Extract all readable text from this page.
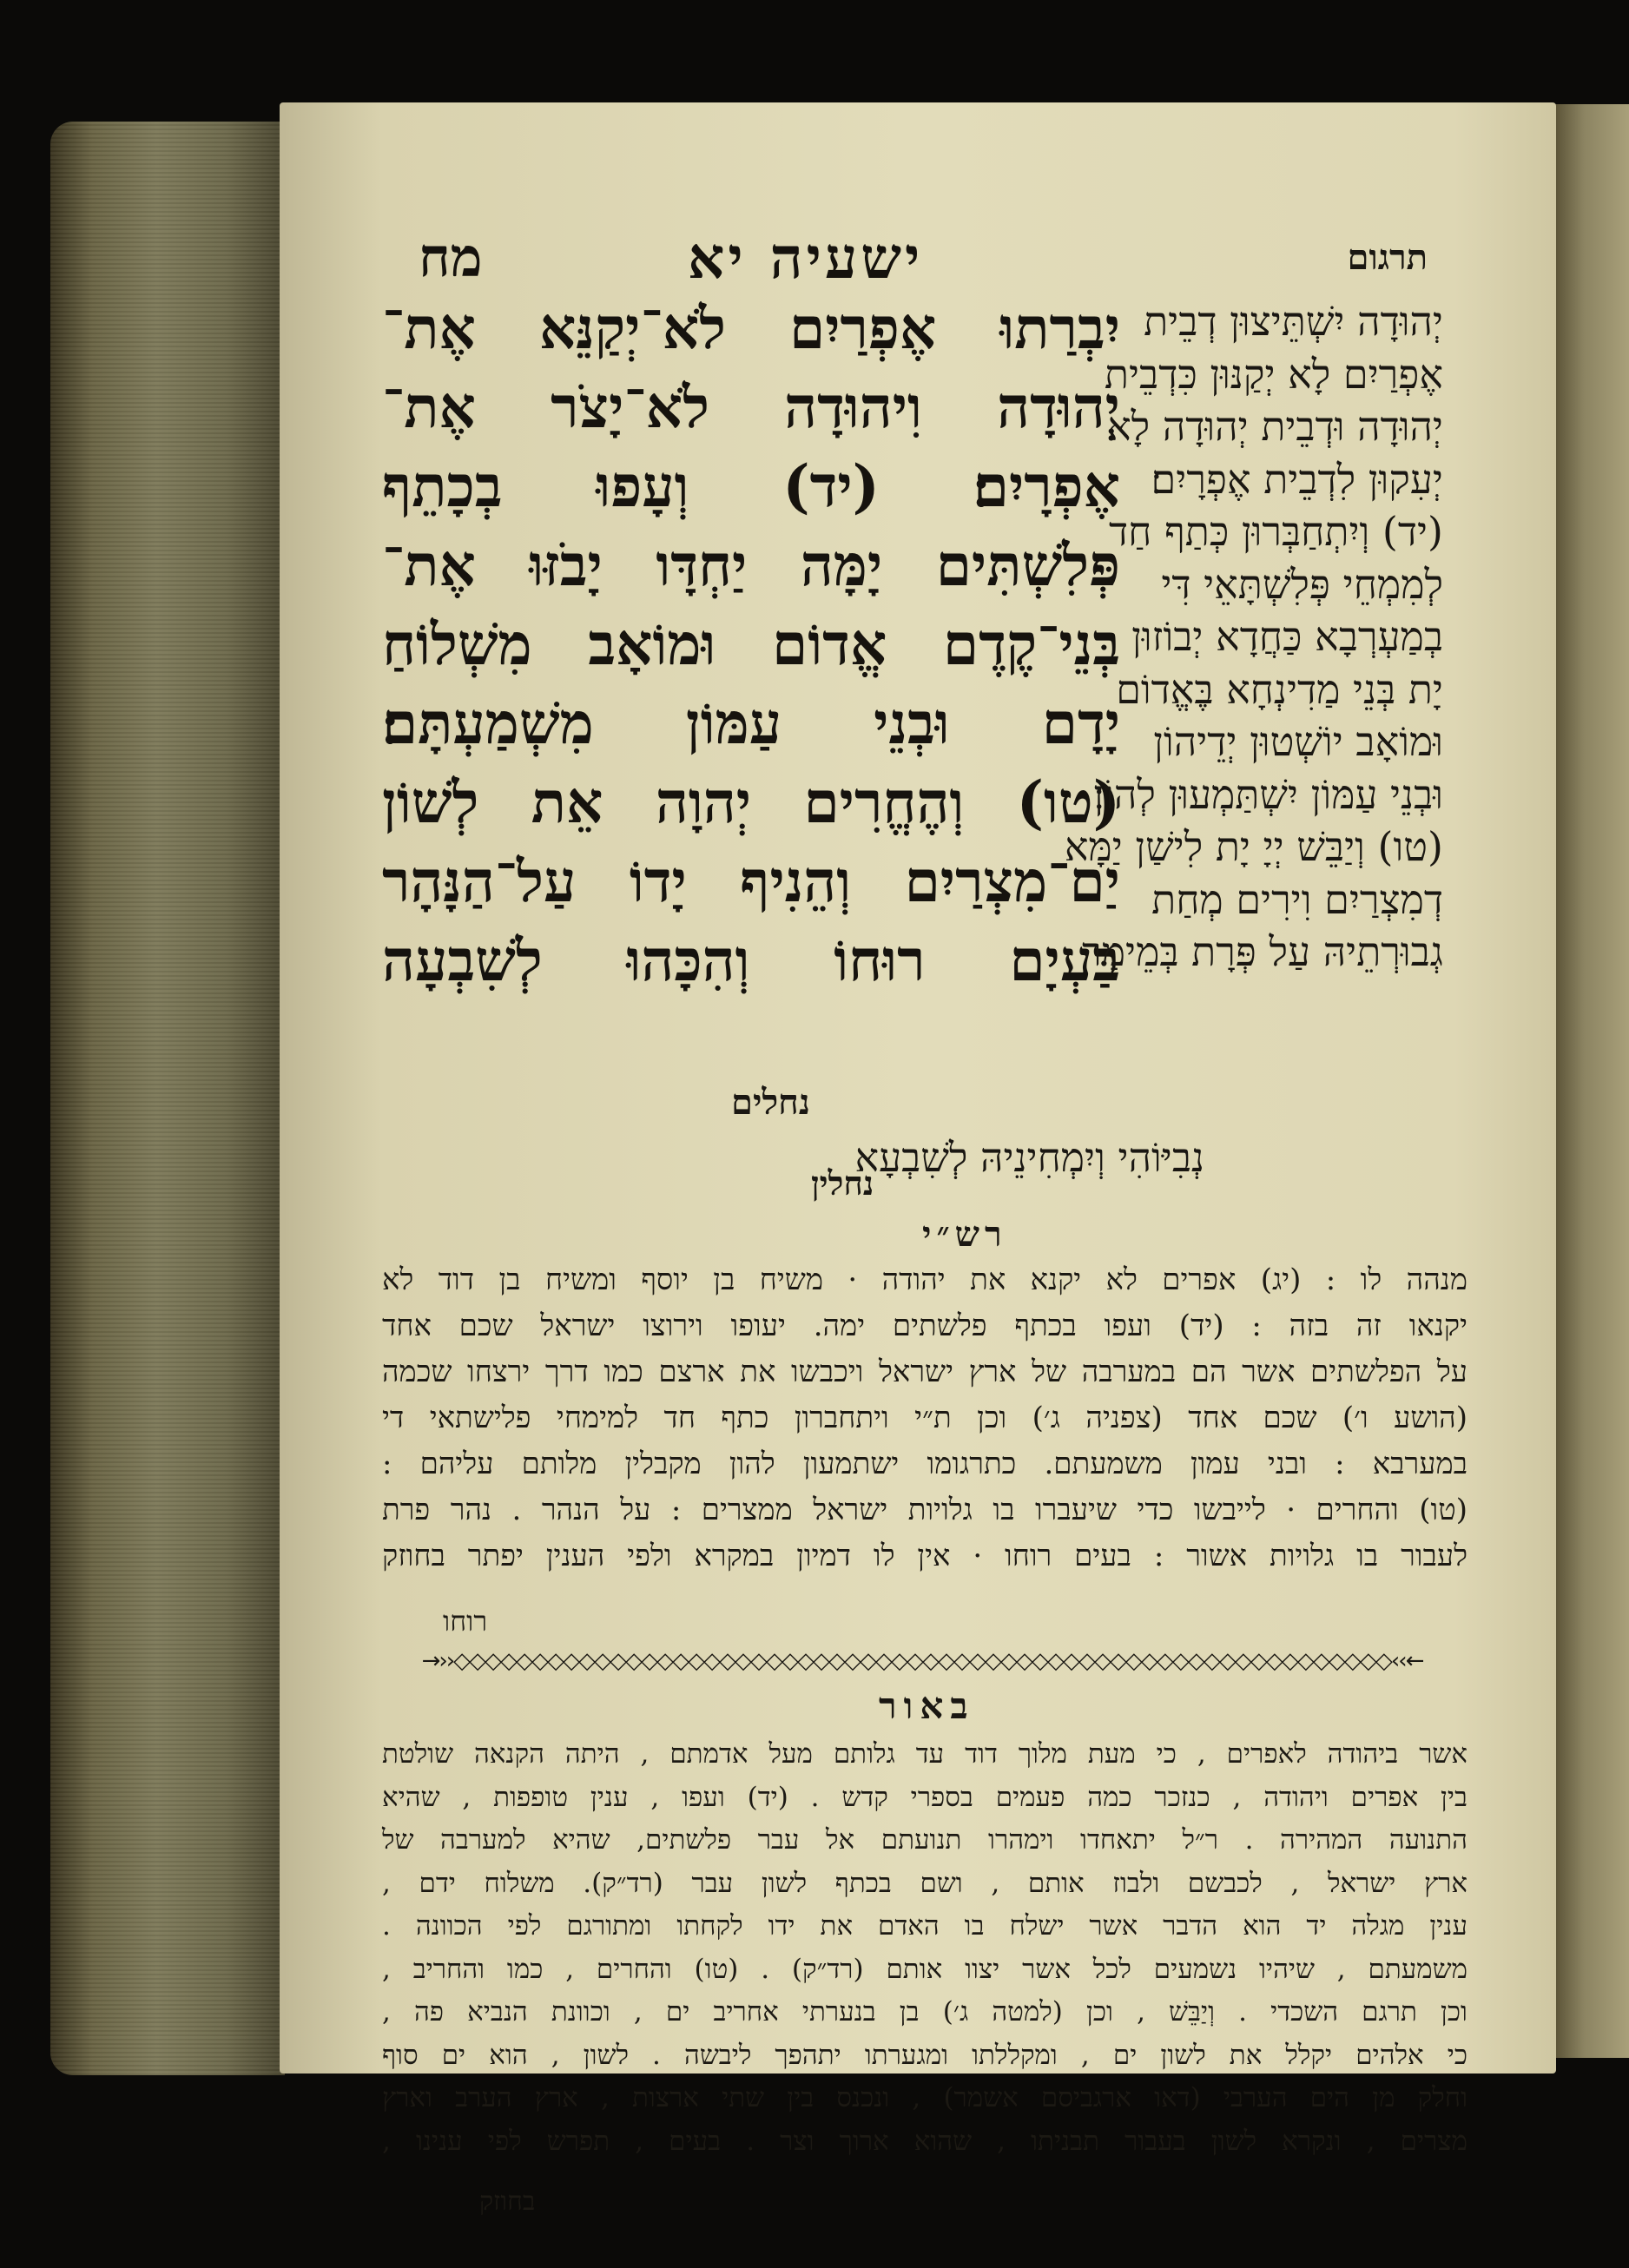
תרגום
ישעיה יא
מח
יִבְרַתוּ אֶפְרַיִם לֹא־יְקַנֵּא אֶת־
יְהוּדָה וִיהוּדָה לֹא־יָצֹר אֶת־
אֶפְרָיִם׃ (יד) וְעָפוּ בְכָתֵף
פְּלִשְׁתִּים יָמָּה יַחְדָּו יָבֹזּוּ אֶת־
בְּנֵי־קֶדֶם אֱדוֹם וּמוֹאָב מִשְׁלוֹחַ
יָדָם וּבְנֵי עַמּוֹן מִשְׁמַעְתָּם׃
(טו) וְהֶחֱרִים יְהוָה אֵת לְשׁוֹן
יַם־מִצְרַיִם וְהֵנִיף יָדוֹ עַל־הַנָּהָר
בַּעְיָם רוּחוֹ וְהִכָּהוּ לְשִׁבְעָה
נחלים
יְהוּדָה יִשְׁתֵּיצוּן דְבֵית
אֶפְרַיִם לָא יְקַנּוּן כִּדְבֵית
יְהוּדָה וּדְבֵית יְהוּדָה לָא
יְעִקוּן לִדְבֵית אֶפְרָיִם׃
(יד) וְיִתְחַבְּרוּן כְּתַף חַד
לְמִמְחֵי פְּלִשְׁתָּאֵי דִּי
בְמַעְרְבָא כַּחֲדָא יְבוֹזוּן
יָת בְּנֵי מַדִינְחָא בֶּאֱדוֹם
וּמוֹאָב יוֹשְׁטוּן יְדֵיהוֹן
וּבְנֵי עַמּוֹן יִשְׁתַּמְעוּן לְהוֹן׃
(טו) וְיַבֵּשׁ יְיָ יָת לִישַׁן יַמָּא
דְמִצְרַיִם וִירִים מְחַת
גְבוּרְתֵיהּ עַל פְּרָת בְּמֵימַר
נְבִיּוֹהִי וְיִמְחִינֵיהּ לְשִׁבְעָא
נחלין
רש״י
מנהה לו : (יג) אפרים לא יקנא את יהודה · משיח בן יוסף ומשיח בן דוד לא
יקנאו זה בזה : (יד) ועפו בכתף פלשתים ימה. יעופו וירוצו ישראל שכם אחד
על הפלשתים אשר הם במערבה של ארץ ישראל ויכבשו את ארצם כמו דרך ירצחו שכמה
(הושע ו׳) שכם אחד (צפניה ג׳) וכן ת״י ויתחברון כתף חד למימחי פלישתאי די
במערבא : ובני עמון משמעתם. כתרגומו ישתמעון להון מקבלין מלותם עליהם :
(טו) והחרים · לייבשו כדי שיעברו בו גלויות ישראל ממצרים : על הנהר . נהר פרת
לעבור בו גלויות אשור : בעים רוחו · אין לו דמיון במקרא ולפי הענין יפתר בחוזק
רוחו
→››◇◇◇◇◇◇◇◇◇◇◇◇◇◇◇◇◇◇◇◇◇◇◇◇◇◇◇◇◇◇◇◇◇◇◇◇◇◇◇◇◇◇◇◇◇◇◇◇◇◇◇◇◇◇◇◇◇◇◇◇‹‹←
באור
אשר ביהודה לאפרים , כי מעת מלוך דוד עד גלותם מעל אדמתם , היתה הקנאה שולטת
בין אפרים ויהודה , כנזכר כמה פעמים בספרי קדש . (יד) ועפו , ענין טופפות , שהיא
התנועה המהירה . ר״ל יתאחדו וימהרו תנועתם אל עבר פלשתים, שהיא למערבה של
ארץ ישראל , לכבשם ולבוז אותם , ושם בכתף לשון עבר (רד״ק). משלוח ידם ,
ענין מגלה יד הוא הדבר אשר ישלח בו האדם את ידו לקחתו ומתורגם לפי הכוונה .
משמעתם , שיהיו נשמעים לכל אשר יצוו אותם (רד״ק) . (טו) והחרים , כמו והחריב ,
וכן תרגם השכדי . וְיַבֵּשׁ , וכן (למטה ג׳) בן בנערתי אחריב ים , וכוונת הנביא פה ,
כי אלהים יקלל את לשון ים , ומקללתו ומגערתו יתהפך ליבשה . לשון , הוא ים סוף
וחלק מן הים הערבי (דאו ארגביסם אשמר) , ונכנס בין שתי ארצות , ארץ הערב וארץ
מצרים , ונקרא לשון בעבור תבניתו , שהוא ארוך וצר . בעים , תפרש לפי ענינו ,
בחוזק
